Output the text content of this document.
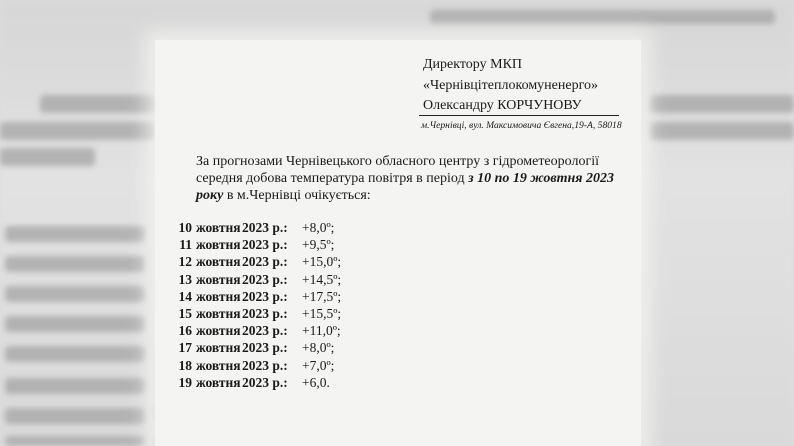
Директору МКП
«Чернівцітеплокомуненерго»
Олександру КОРЧУНОВУ
м.Чернівці, вул. Максимовича Євгена,19-А, 58018
За прогнозами Чернівецького обласного центру з гідрометеорології середня добова температура повітря в період з 10 по 19 жовтня 2023 року в м.Чернівці очікується:
10 жовтня 2023 р.: +8,0º;
11 жовтня 2023 р.: +9,5º;
12 жовтня 2023 р.: +15,0º;
13 жовтня 2023 р.: +14,5º;
14 жовтня 2023 р.: +17,5º;
15 жовтня 2023 р.: +15,5º;
16 жовтня 2023 р.: +11,0º;
17 жовтня 2023 р.: +8,0º;
18 жовтня 2023 р.: +7,0º;
19 жовтня 2023 р.: +6,0.
